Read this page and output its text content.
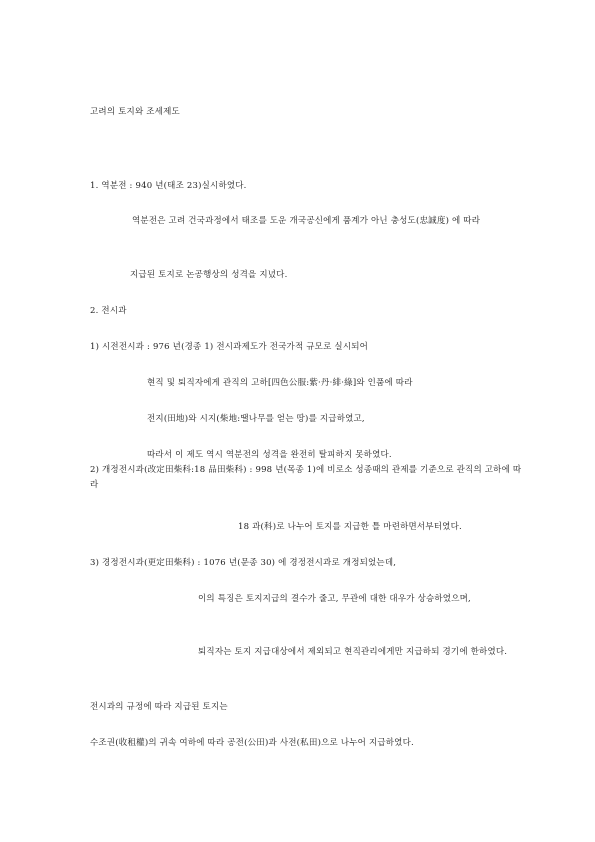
고려의 토지와 조세제도
1. 역분전 : 940 년(태조 23)실시하였다.
역분전은 고려 건국과정에서 태조를 도운 개국공신에게 품계가 아닌 충성도(忠誠度) 에 따라
지급된 토지로 논공행상의 성격을 지녔다.
2. 전시과
1) 시전전시과 : 976 년(경종 1) 전시과제도가 전국가적 규모로 실시되어
현직 및 퇴직자에게 관직의 고하[四色公服:紫·丹·緋·綠]와 인품에 따라
전지(田地)와 시지(柴地:땔나무를 얻는 땅)를 지급하였고,
따라서 이 제도 역시 역분전의 성격을 완전히 탈피하지 못하였다.
2) 개정전시과(改定田柴科:18 品田柴科) : 998 년(목종 1)에 비로소 성종때의 관제를 기준으로 관직의 고하에 따라
18 과(科)로 나누어 토지를 지급한 틀 마련하면서부터였다.
3) 경정전시과(更定田柴科) : 1076 년(문종 30) 에 경정전시과로 개정되었는데,
이의 특징은 토지지급의 결수가 줄고, 무관에 대한 대우가 상승하였으며,
퇴직자는 토지 지급대상에서 제외되고 현직관리에게만 지급하되 경기에 한하였다.
전시과의 규정에 따라 지급된 토지는
수조권(收租權)의 귀속 여하에 따라 공전(公田)과 사전(私田)으로 나누어 지급하였다.
